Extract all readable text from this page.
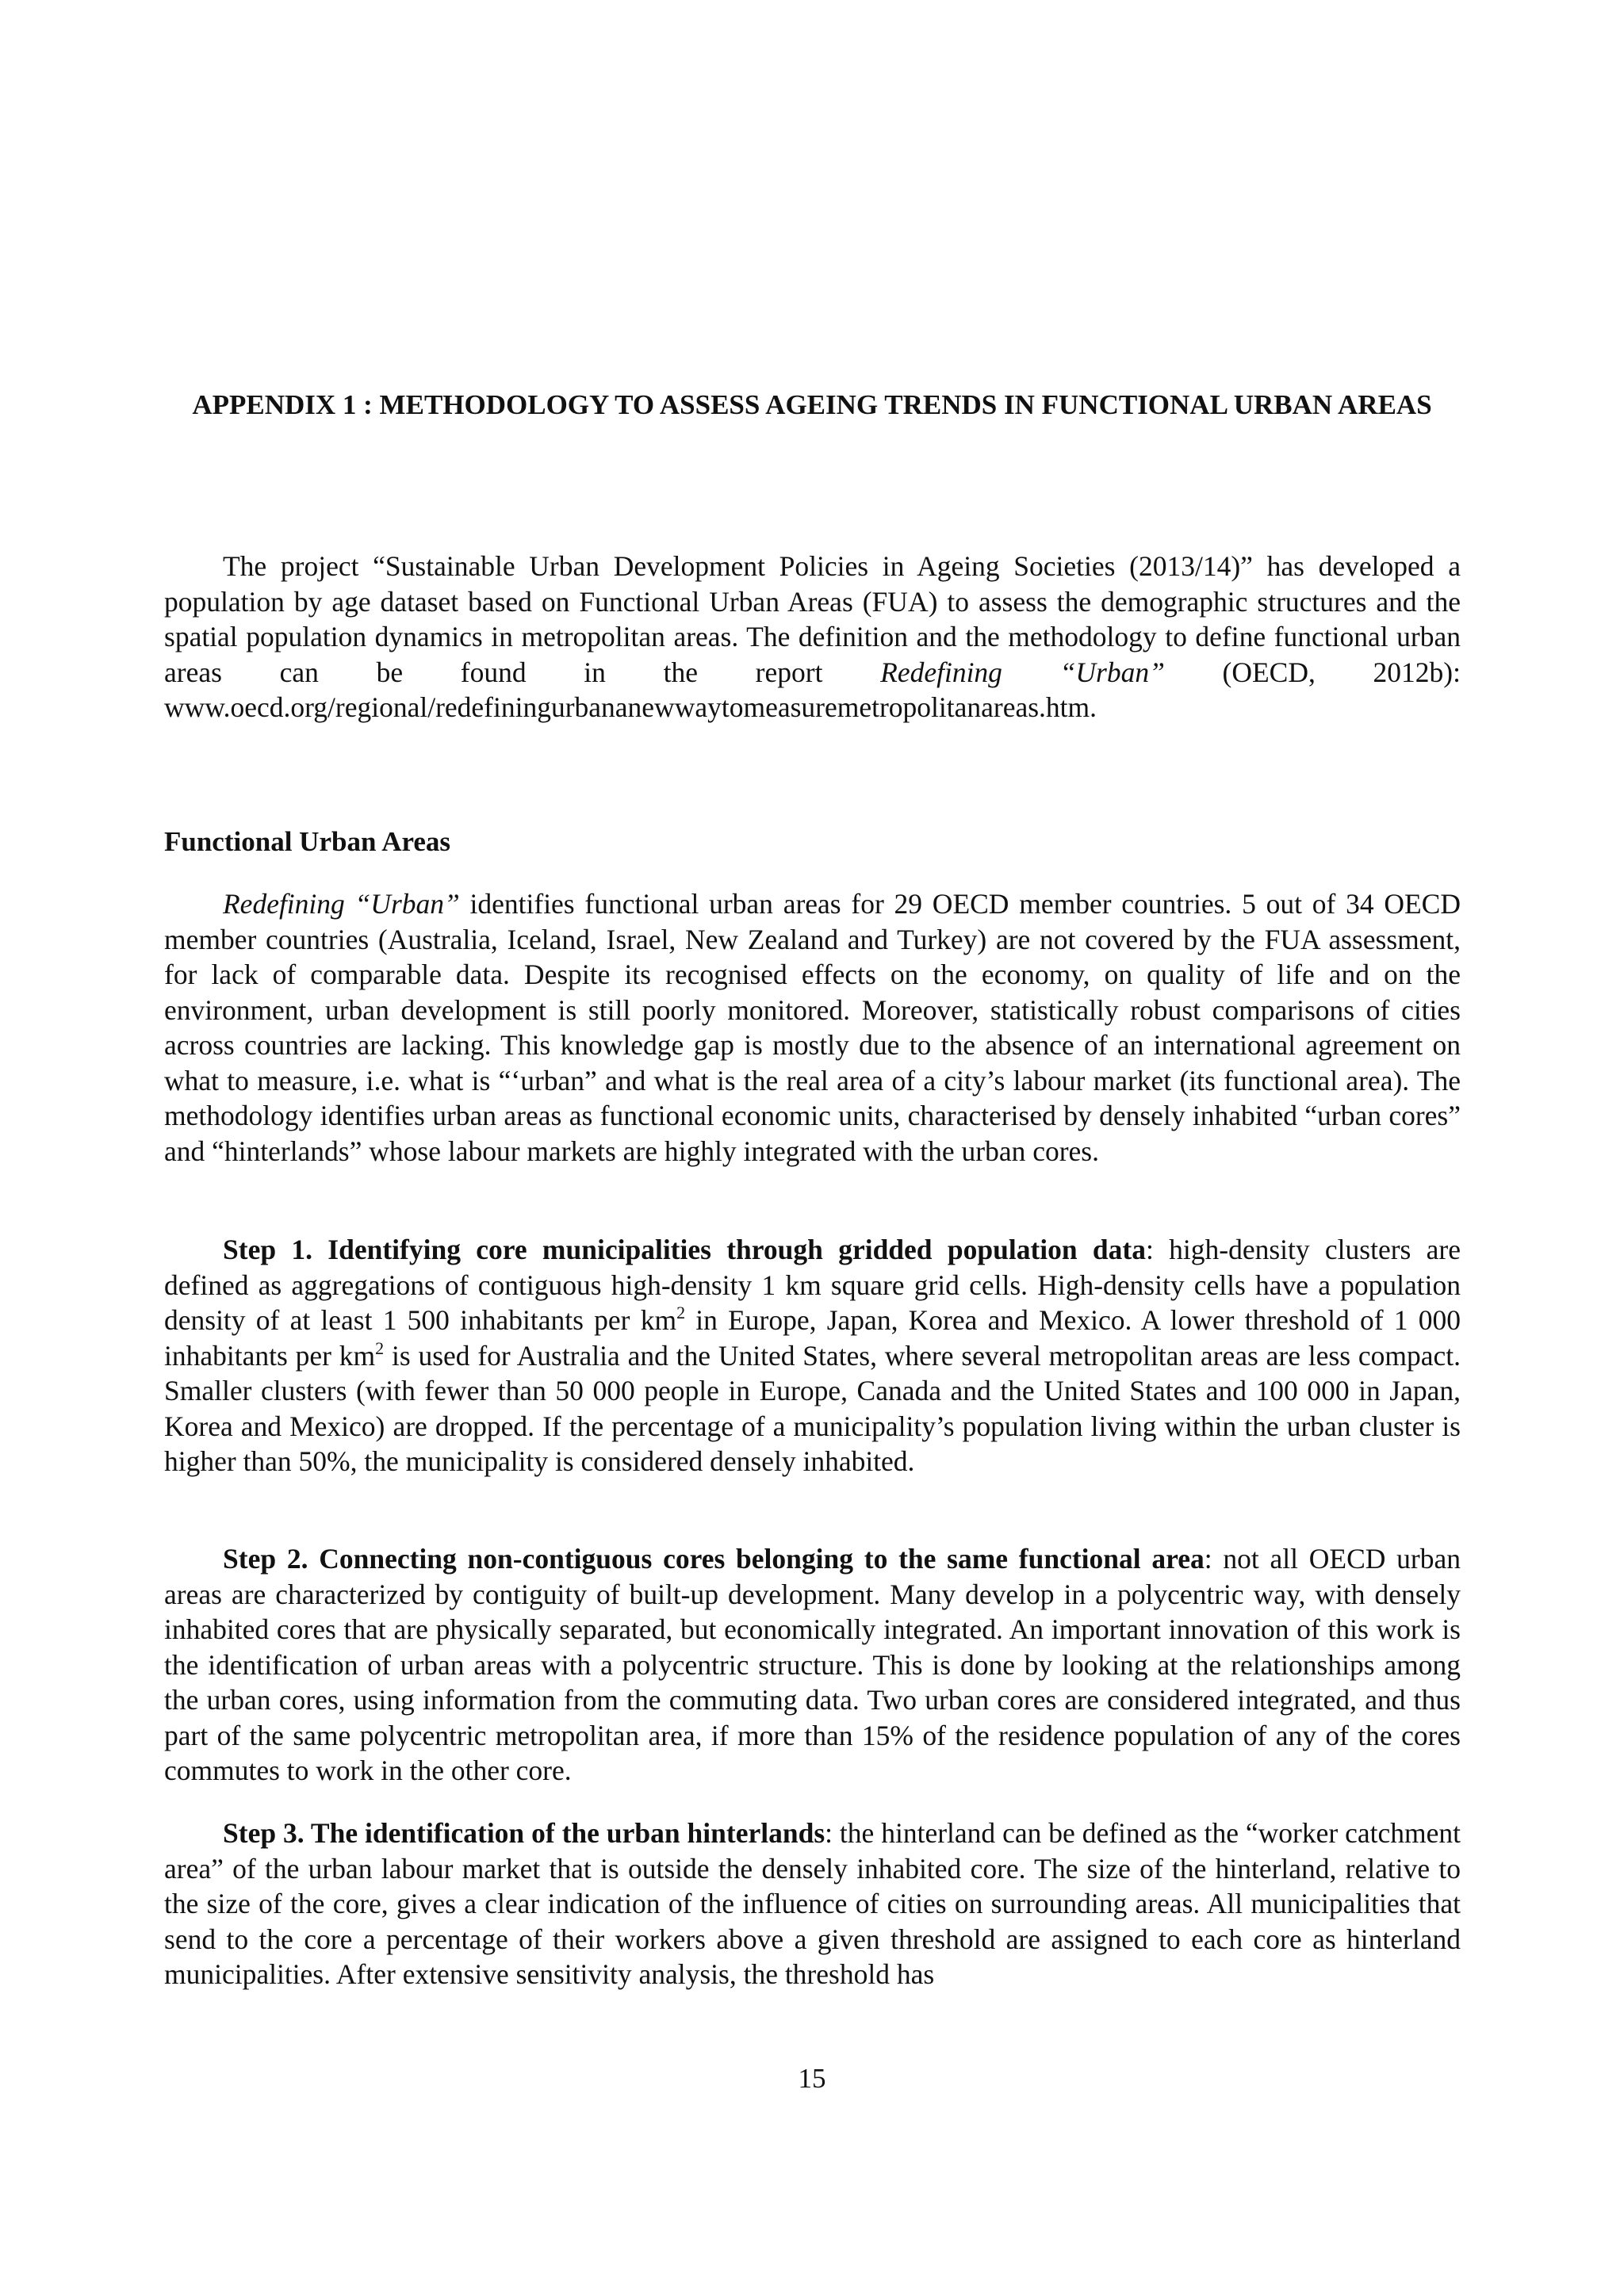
APPENDIX 1 : METHODOLOGY TO ASSESS AGEING TRENDS IN FUNCTIONAL URBAN AREAS

The project “Sustainable Urban Development Policies in Ageing Societies (2013/14)” has developed a population by age dataset based on Functional Urban Areas (FUA) to assess the demographic structures and the spatial population dynamics in metropolitan areas. The definition and the methodology to define functional urban areas can be found in the report Redefining “Urban” (OECD, 2012b): www.oecd.org/regional/redefiningurbananewwaytomeasuremetropolitanareas.htm.

Functional Urban Areas

Redefining “Urban” identifies functional urban areas for 29 OECD member countries. 5 out of 34 OECD member countries (Australia, Iceland, Israel, New Zealand and Turkey) are not covered by the FUA assessment, for lack of comparable data. Despite its recognised effects on the economy, on quality of life and on the environment, urban development is still poorly monitored. Moreover, statistically robust comparisons of cities across countries are lacking. This knowledge gap is mostly due to the absence of an international agreement on what to measure, i.e. what is “‘urban” and what is the real area of a city’s labour market (its functional area). The methodology identifies urban areas as functional economic units, characterised by densely inhabited “urban cores” and “hinterlands” whose labour markets are highly integrated with the urban cores.

Step 1. Identifying core municipalities through gridded population data: high-density clusters are defined as aggregations of contiguous high-density 1 km square grid cells. High-density cells have a population density of at least 1 500 inhabitants per $km^2$ in Europe, Japan, Korea and Mexico. A lower threshold of 1 000 inhabitants per $km^2$ is used for Australia and the United States, where several metropolitan areas are less compact. Smaller clusters (with fewer than 50 000 people in Europe, Canada and the United States and 100 000 in Japan, Korea and Mexico) are dropped. If the percentage of a municipality’s population living within the urban cluster is higher than 50%, the municipality is considered densely inhabited.

Step 2. Connecting non-contiguous cores belonging to the same functional area: not all OECD urban areas are characterized by contiguity of built-up development. Many develop in a polycentric way, with densely inhabited cores that are physically separated, but economically integrated. An important innovation of this work is the identification of urban areas with a polycentric structure. This is done by looking at the relationships among the urban cores, using information from the commuting data. Two urban cores are considered integrated, and thus part of the same polycentric metropolitan area, if more than 15% of the residence population of any of the cores commutes to work in the other core.

Step 3. The identification of the urban hinterlands: the hinterland can be defined as the “worker catchment area” of the urban labour market that is outside the densely inhabited core. The size of the hinterland, relative to the size of the core, gives a clear indication of the influence of cities on surrounding areas. All municipalities that send to the core a percentage of their workers above a given threshold are assigned to each core as hinterland municipalities. After extensive sensitivity analysis, the threshold has

15
